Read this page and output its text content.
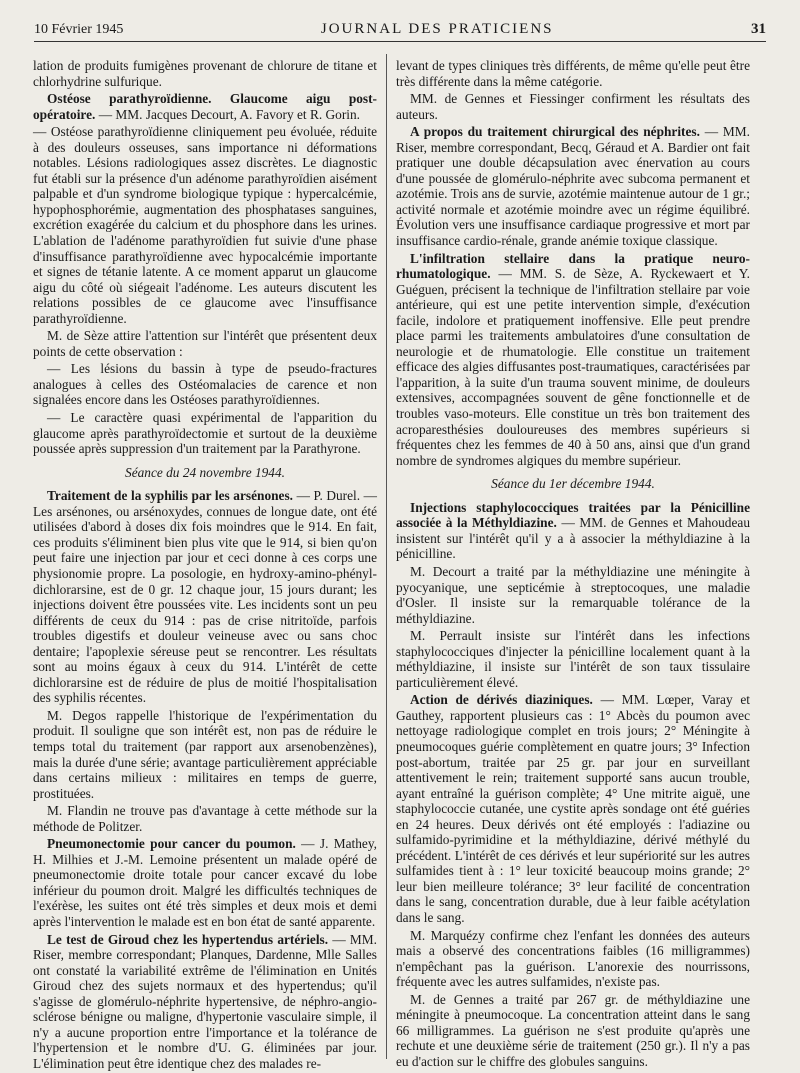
10 Février 1945	JOURNAL DES PRATICIENS	31

lation de produits fumigènes provenant de chlorure de titane et chlorhydrine sulfurique.

Ostéose parathyroïdienne. Glaucome aigu post-opératoire. — MM. Jacques Decourt, A. Favory et R. Gorin.

— Ostéose parathyroïdienne cliniquement peu évoluée, réduite à des douleurs osseuses, sans importance ni déformations notables. Lésions radiologiques assez discrètes. Le diagnostic fut établi sur la présence d'un adénome parathyroïdien aisément palpable et d'un syndrome biologique typique : hypercalcémie, hypophosphorémie, augmentation des phosphatases sanguines, excrétion exagérée du calcium et du phosphore dans les urines. L'ablation de l'adénome parathyroïdien fut suivie d'une phase d'insuffisance parathyroïdienne avec hypocalcémie importante et signes de tétanie latente. A ce moment apparut un glaucome aigu du côté où siégeait l'adénome. Les auteurs discutent les relations possibles de ce glaucome avec l'insuffisance parathyroïdienne.

M. de Sèze attire l'attention sur l'intérêt que présentent deux points de cette observation :

— Les lésions du bassin à type de pseudo-fractures analogues à celles des Ostéomalacies de carence et non signalées encore dans les Ostéoses parathyroïdiennes.

— Le caractère quasi expérimental de l'apparition du glaucome après parathyroïdectomie et surtout de la deuxième poussée après suppression d'un traitement par la Parathyrone.

Séance du 24 novembre 1944.

Traitement de la syphilis par les arsénones. — P. Durel. — Les arsénones, ou arsénoxydes, connues de longue date, ont été utilisées d'abord à doses dix fois moindres que le 914. En fait, ces produits s'éliminent bien plus vite que le 914, si bien qu'on peut faire une injection par jour et ceci donne à ces corps une physionomie propre. La posologie, en hydroxy-amino-phényl-dichlorarsine, est de 0 gr. 12 chaque jour, 15 jours durant; les injections doivent être poussées vite. Les incidents sont un peu différents de ceux du 914 : pas de crise nitritoïde, parfois troubles digestifs et douleur veineuse avec ou sans choc dentaire; l'apoplexie séreuse peut se rencontrer. Les résultats sont au moins égaux à ceux du 914. L'intérêt de cette dichlorarsine est de réduire de plus de moitié l'hospitalisation des syphilis récentes.

M. Degos rappelle l'historique de l'expérimentation du produit. Il souligne que son intérêt est, non pas de réduire le temps total du traitement (par rapport aux arsenobenzènes), mais la durée d'une série; avantage particulièrement appréciable dans certains milieux : militaires en temps de guerre, prostituées.

M. Flandin ne trouve pas d'avantage à cette méthode sur la méthode de Politzer.

Pneumonectomie pour cancer du poumon. — J. Mathey, H. Milhies et J.-M. Lemoine présentent un malade opéré de pneumonectomie droite totale pour cancer excavé du lobe inférieur du poumon droit. Malgré les difficultés techniques de l'exérèse, les suites ont été très simples et deux mois et demi après l'intervention le malade est en bon état de santé apparente.

Le test de Giroud chez les hypertendus artériels. — MM. Riser, membre correspondant; Planques, Dardenne, Mlle Salles ont constaté la variabilité extrême de l'élimination en Unités Giroud chez des sujets normaux et des hypertendus; qu'il s'agisse de glomérulo-néphrite hypertensive, de néphro-angio-sclérose bénigne ou maligne, d'hypertonie vasculaire simple, il n'y a aucune proportion entre l'importance et la tolérance de l'hypertension et le nombre d'U. G. éliminées par jour. L'élimination peut être identique chez des malades re-

levant de types cliniques très différents, de même qu'elle peut être très différente dans la même catégorie.

MM. de Gennes et Fiessinger confirment les résultats des auteurs.

A propos du traitement chirurgical des néphrites. — MM. Riser, membre correspondant, Becq, Géraud et A. Bardier ont fait pratiquer une double décapsulation avec énervation au cours d'une poussée de glomérulo-néphrite avec subcoma permanent et azotémie. Trois ans de survie, azotémie maintenue autour de 1 gr.; activité normale et azotémie moindre avec un régime équilibré. Évolution vers une insuffisance cardiaque progressive et mort par insuffisance cardio-rénale, grande anémie toxique classique.

L'infiltration stellaire dans la pratique neuro-rhumatologique. — MM. S. de Sèze, A. Ryckewaert et Y. Guéguen, précisent la technique de l'infiltration stellaire par voie antérieure, qui est une petite intervention simple, d'exécution facile, indolore et pratiquement inoffensive. Elle peut prendre place parmi les traitements ambulatoires d'une consultation de neurologie et de rhumatologie. Elle constitue un traitement efficace des algies diffusantes post-traumatiques, caractérisées par l'apparition, à la suite d'un trauma souvent minime, de douleurs extensives, accompagnées souvent de gêne fonctionnelle et de troubles vaso-moteurs. Elle constitue un très bon traitement des acroparesthésies douloureuses des membres supérieurs si fréquentes chez les femmes de 40 à 50 ans, ainsi que d'un grand nombre de syndromes algiques du membre supérieur.

Séance du 1er décembre 1944.

Injections staphylococciques traitées par la Pénicilline associée à la Méthyldiazine. — MM. de Gennes et Mahoudeau insistent sur l'intérêt qu'il y a à associer la méthyldiazine à la pénicilline.

M. Decourt a traité par la méthyldiazine une méningite à pyocyanique, une septicémie à streptocoques, une maladie d'Osler. Il insiste sur la remarquable tolérance de la méthyldiazine.

M. Perrault insiste sur l'intérêt dans les infections staphylococciques d'injecter la pénicilline localement quant à la méthyldiazine, il insiste sur l'intérêt de son taux tissulaire particulièrement élevé.

Action de dérivés diaziniques. — MM. Lœper, Varay et Gauthey, rapportent plusieurs cas : 1° Abcès du poumon avec nettoyage radiologique complet en trois jours; 2° Méningite à pneumocoques guérie complètement en quatre jours; 3° Infection post-abortum, traitée par 25 gr. par jour en surveillant attentivement le rein; traitement supporté sans aucun trouble, ayant entraîné la guérison complète; 4° Une mitrite aiguë, une staphylococcie cutanée, une cystite après sondage ont été guéries en 24 heures. Deux dérivés ont été employés : l'adiazine ou sulfamido-pyrimidine et la méthyldiazine, dérivé méthylé du précédent. L'intérêt de ces dérivés et leur supériorité sur les autres sulfamides tient à : 1° leur toxicité beaucoup moins grande; 2° leur bien meilleure tolérance; 3° leur facilité de concentration dans le sang, concentration durable, due à leur faible acétylation dans le sang.

M. Marquézy confirme chez l'enfant les données des auteurs mais a observé des concentrations faibles (16 milligrammes) n'empêchant pas la guérison. L'anorexie des nourrissons, fréquente avec les autres sulfamides, n'existe pas.

M. de Gennes a traité par 267 gr. de méthyldiazine une méningite à pneumocoque. La concentration atteint dans le sang 66 milligrammes. La guérison ne s'est produite qu'après une rechute et une deuxième série de traitement (250 gr.). Il n'y a pas eu d'action sur le chiffre des globules sanguins.
